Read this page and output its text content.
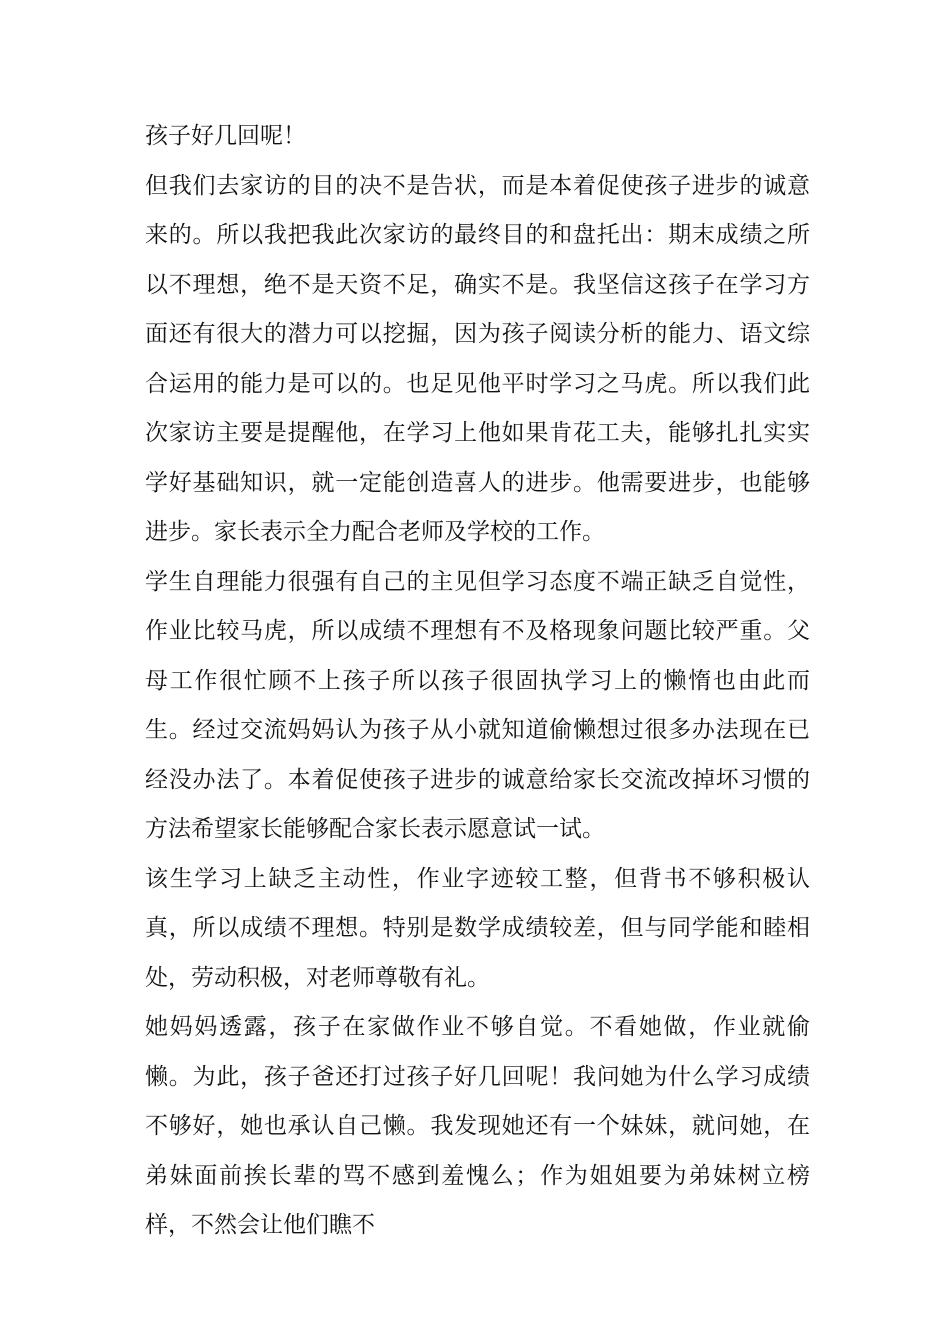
孩子好几回呢！

但我们去家访的目的决不是告状，而是本着促使孩子进步的诚意来的。所以我把我此次家访的最终目的和盘托出：期末成绩之所以不理想，绝不是天资不足，确实不是。我坚信这孩子在学习方面还有很大的潜力可以挖掘，因为孩子阅读分析的能力、语文综合运用的能力是可以的。也足见他平时学习之马虎。所以我们此次家访主要是提醒他，在学习上他如果肯花工夫，能够扎扎实实学好基础知识，就一定能创造喜人的进步。他需要进步，也能够进步。家长表示全力配合老师及学校的工作。

学生自理能力很强有自己的主见但学习态度不端正缺乏自觉性，作业比较马虎，所以成绩不理想有不及格现象问题比较严重。父母工作很忙顾不上孩子所以孩子很固执学习上的懒惰也由此而生。经过交流妈妈认为孩子从小就知道偷懒想过很多办法现在已经没办法了。本着促使孩子进步的诚意给家长交流改掉坏习惯的方法希望家长能够配合家长表示愿意试一试。

该生学习上缺乏主动性，作业字迹较工整，但背书不够积极认真，所以成绩不理想。特别是数学成绩较差，但与同学能和睦相处，劳动积极，对老师尊敬有礼。

她妈妈透露，孩子在家做作业不够自觉。不看她做，作业就偷懒。为此，孩子爸还打过孩子好几回呢！我问她为什么学习成绩不够好，她也承认自己懒。我发现她还有一个妹妹，就问她，在弟妹面前挨长辈的骂不感到羞愧么；作为姐姐要为弟妹树立榜样，不然会让他们瞧不
